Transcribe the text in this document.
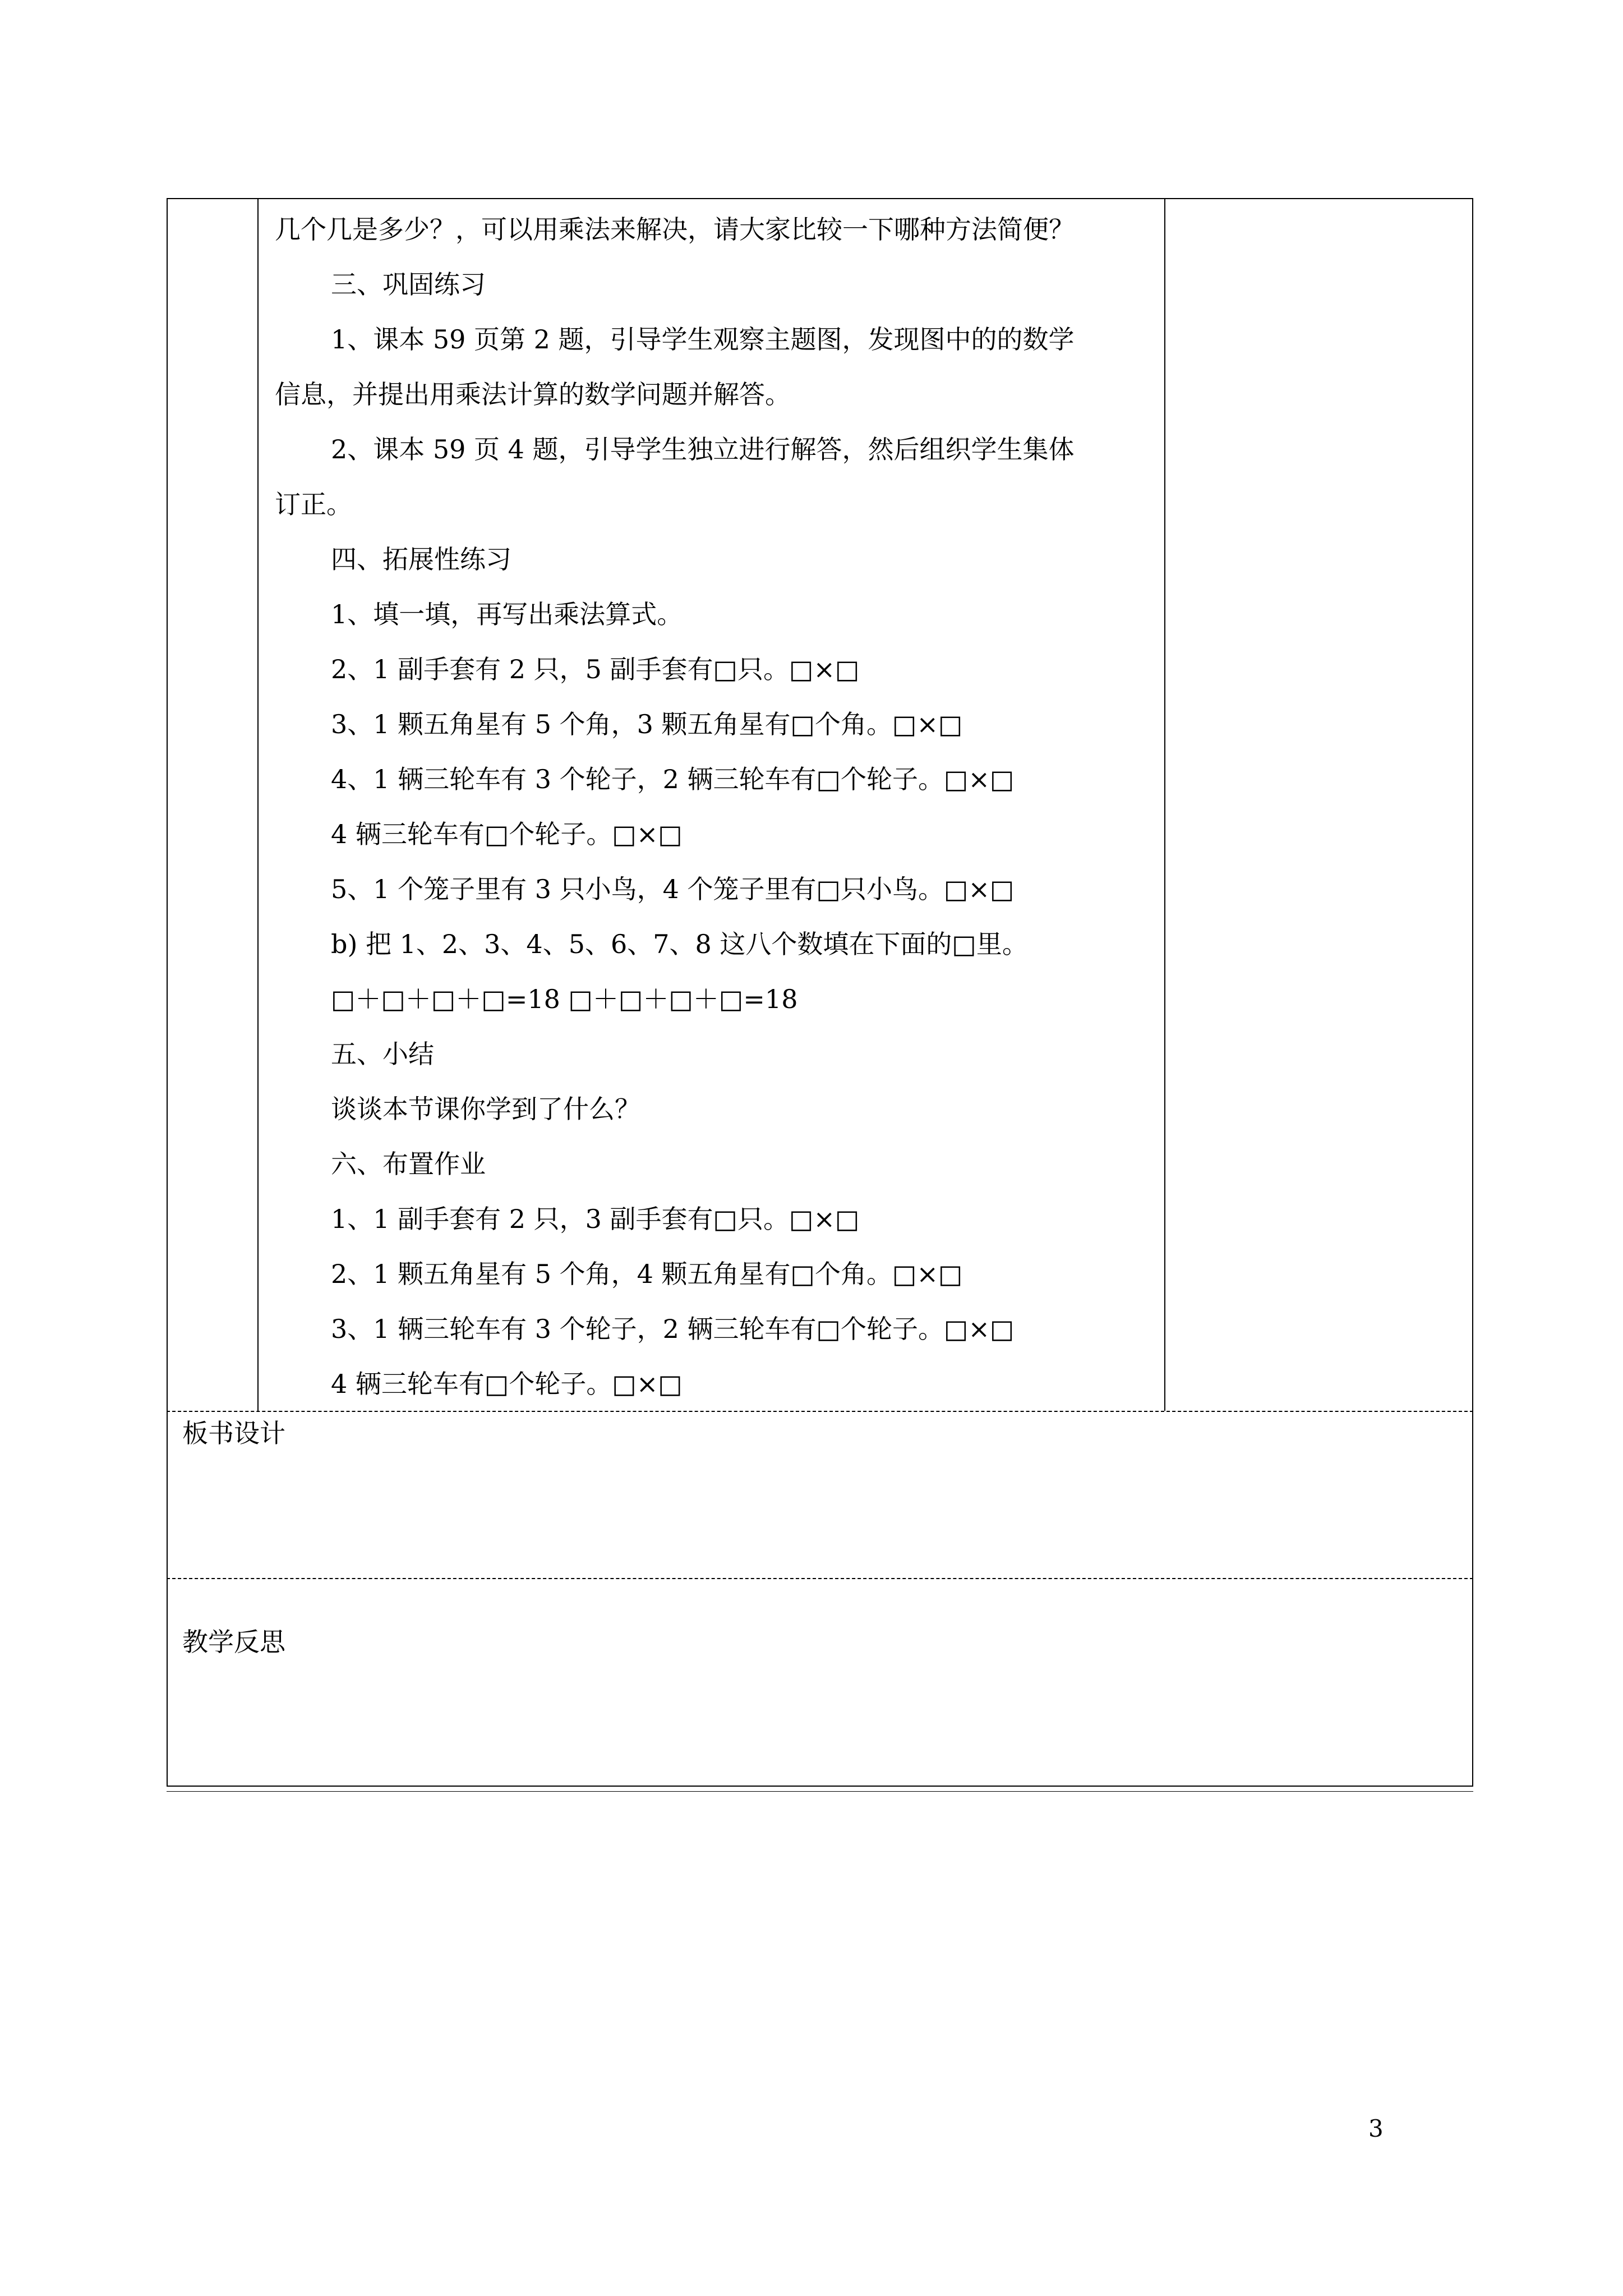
几个几是多少？，可以用乘法来解决，请大家比较一下哪种方法简便？
三、巩固练习
1、课本 59 页第 2 题，引导学生观察主题图，发现图中的的数学
信息，并提出用乘法计算的数学问题并解答。
2、课本 59 页 4 题，引导学生独立进行解答，然后组织学生集体
订正。
四、拓展性练习
1、填一填，再写出乘法算式。
2、1 副手套有 2 只，5 副手套有□只。□×□
3、1 颗五角星有 5 个角，3 颗五角星有□个角。□×□
4、1 辆三轮车有 3 个轮子，2 辆三轮车有□个轮子。□×□
4 辆三轮车有□个轮子。□×□
5、1 个笼子里有 3 只小鸟，4 个笼子里有□只小鸟。□×□
b) 把 1、2、3、4、5、6、7、8 这八个数填在下面的□里。
□＋□＋□＋□=18 □＋□＋□＋□=18
五、小结
谈谈本节课你学到了什么？
六、布置作业
1、1 副手套有 2 只，3 副手套有□只。□×□
2、1 颗五角星有 5 个角，4 颗五角星有□个角。□×□
3、1 辆三轮车有 3 个轮子，2 辆三轮车有□个轮子。□×□
4 辆三轮车有□个轮子。□×□
板书设计
教学反思
3
